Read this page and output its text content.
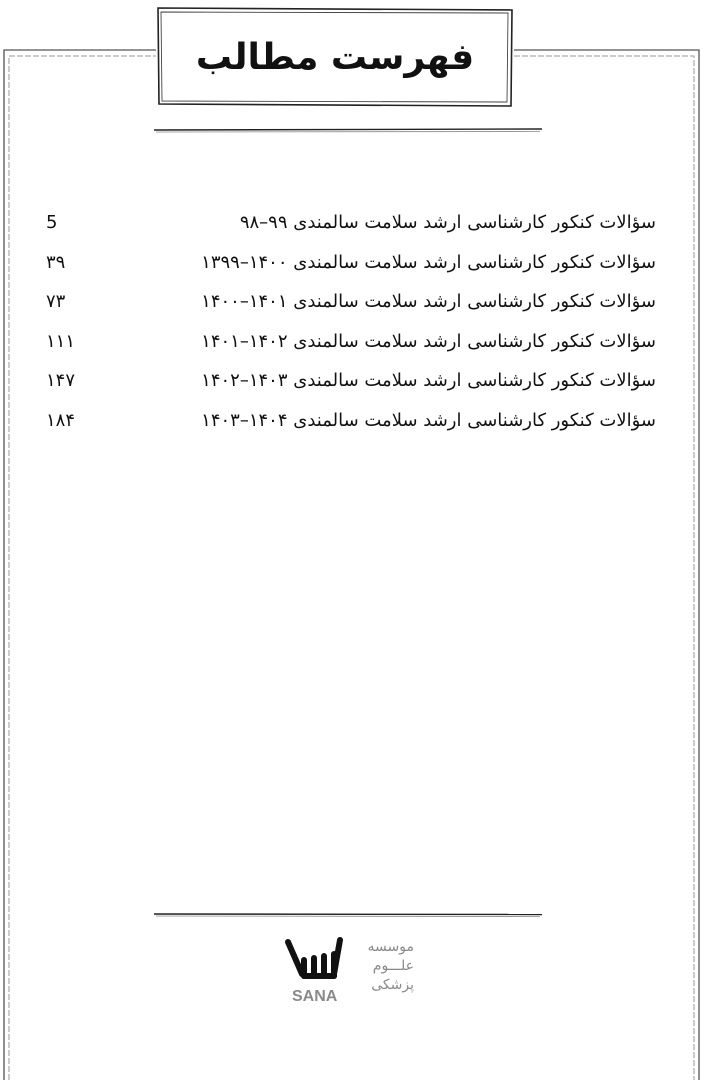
فهرست مطالب
سؤالات کنکور کارشناسی ارشد سلامت سالمندی ۹۹–۹۸
5
سؤالات کنکور کارشناسی ارشد سلامت سالمندی ۱۴۰۰–۱۳۹۹
۳۹
سؤالات کنکور کارشناسی ارشد سلامت سالمندی ۱۴۰۱–۱۴۰۰
۷۳
سؤالات کنکور کارشناسی ارشد سلامت سالمندی ۱۴۰۲–۱۴۰۱
۱۱۱
سؤالات کنکور کارشناسی ارشد سلامت سالمندی ۱۴۰۳–۱۴۰۲
۱۴۷
سؤالات کنکور کارشناسی ارشد سلامت سالمندی ۱۴۰۴–۱۴۰۳
۱۸۴
موسسه
علـــوم
پزشکی
SANA
